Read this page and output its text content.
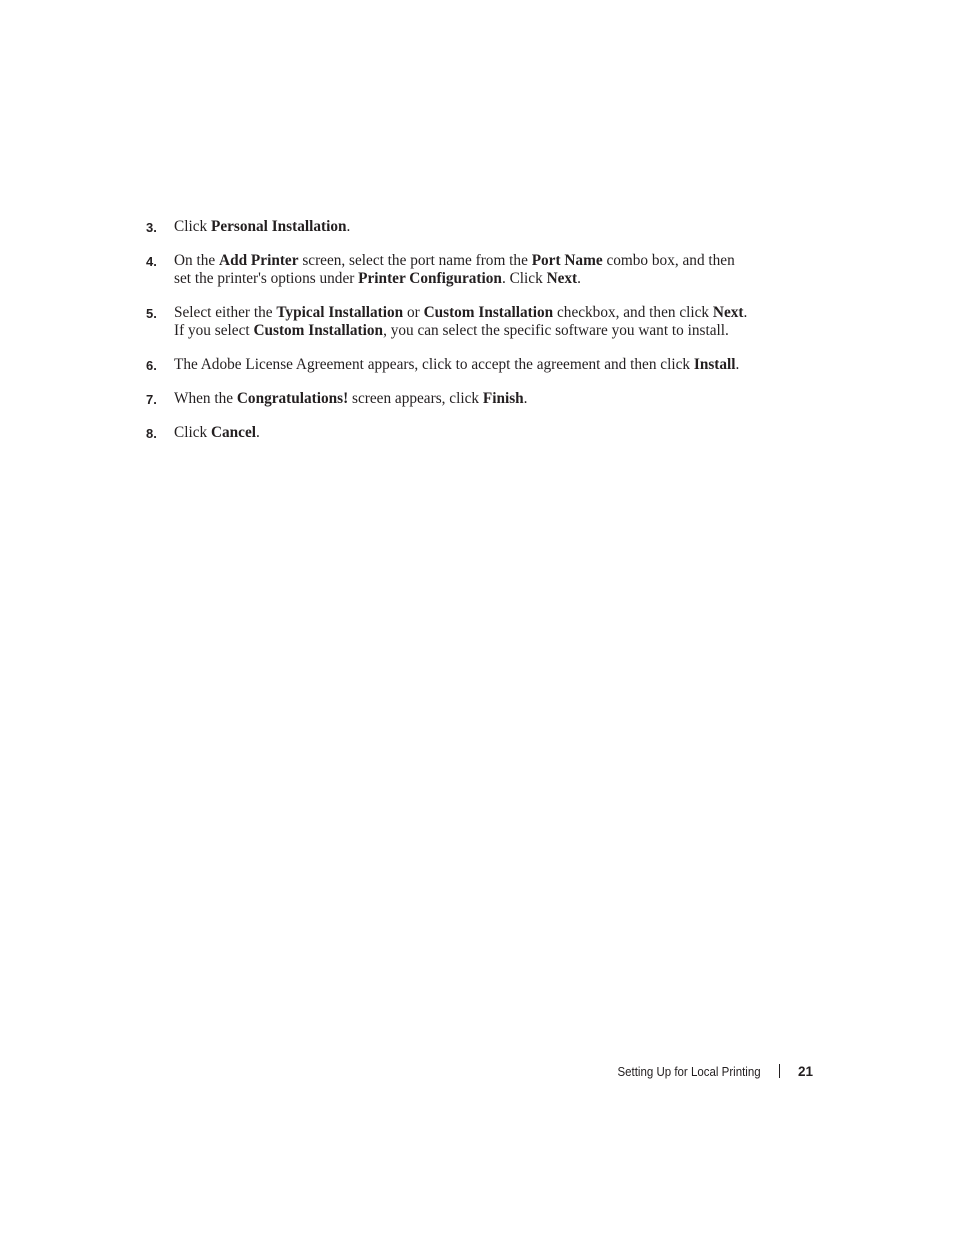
3. Click Personal Installation.
4. On the Add Printer screen, select the port name from the Port Name combo box, and then
set the printer's options under Printer Configuration. Click Next.
5. Select either the Typical Installation or Custom Installation checkbox, and then click Next.
If you select Custom Installation, you can select the specific software you want to install.
6. The Adobe License Agreement appears, click to accept the agreement and then click Install.
7. When the Congratulations! screen appears, click Finish.
8. Click Cancel.
Setting Up for Local Printing	21
